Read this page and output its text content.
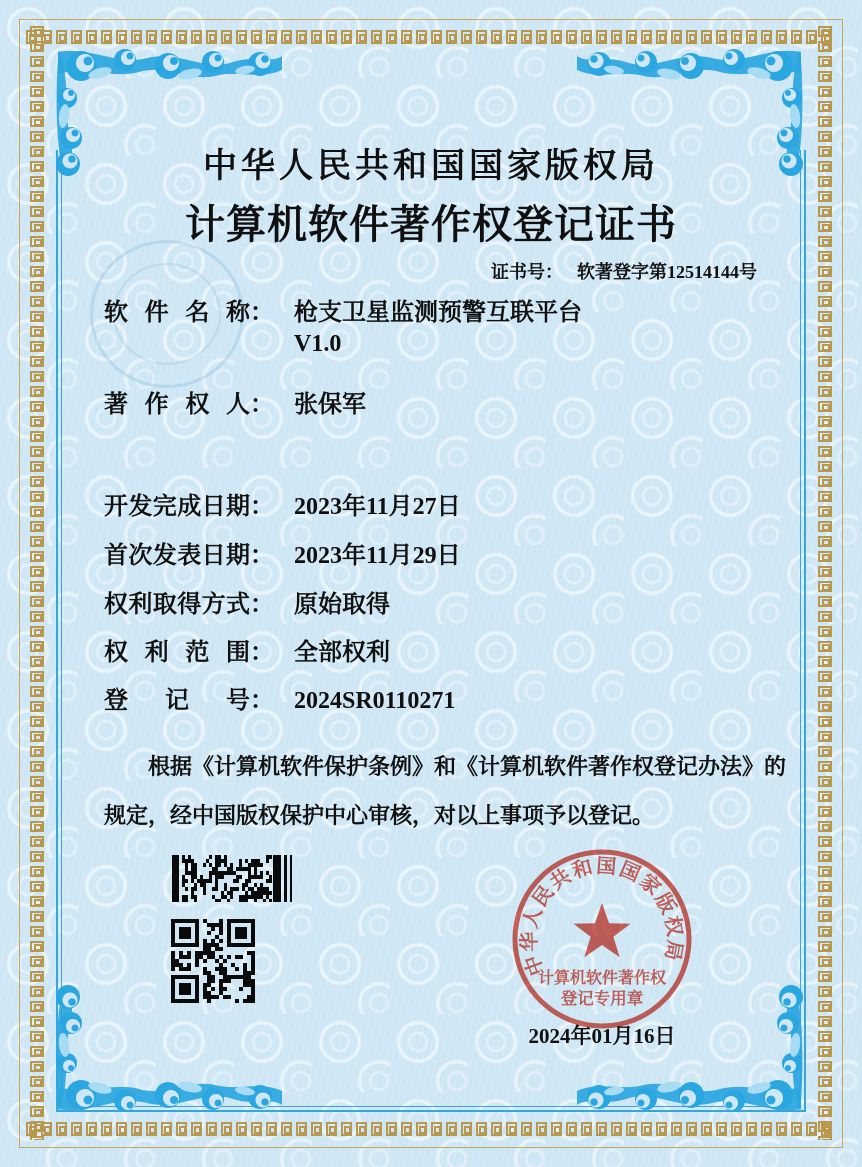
中华人民共和国国家版权局
计算机软件著作权登记证书
证书号： 软著登字第12514144号
软件名称 ： 枪支卫星监测预警互联平台
V1.0
著作权人 ： 张保军
开发完成日期 ： 2023年11月27日
首次发表日期 ： 2023年11月29日
权利取得方式 ： 原始取得
权利范围 ： 全部权利
登记号 ： 2024SR0110271
根据《计算机软件保护条例》和《计算机软件著作权登记办法》的
规定，经中国版权保护中心审核，对以上事项予以登记。
中华人民共和国国家版权局
计算机软件著作权
登记专用章
2024年01月16日
